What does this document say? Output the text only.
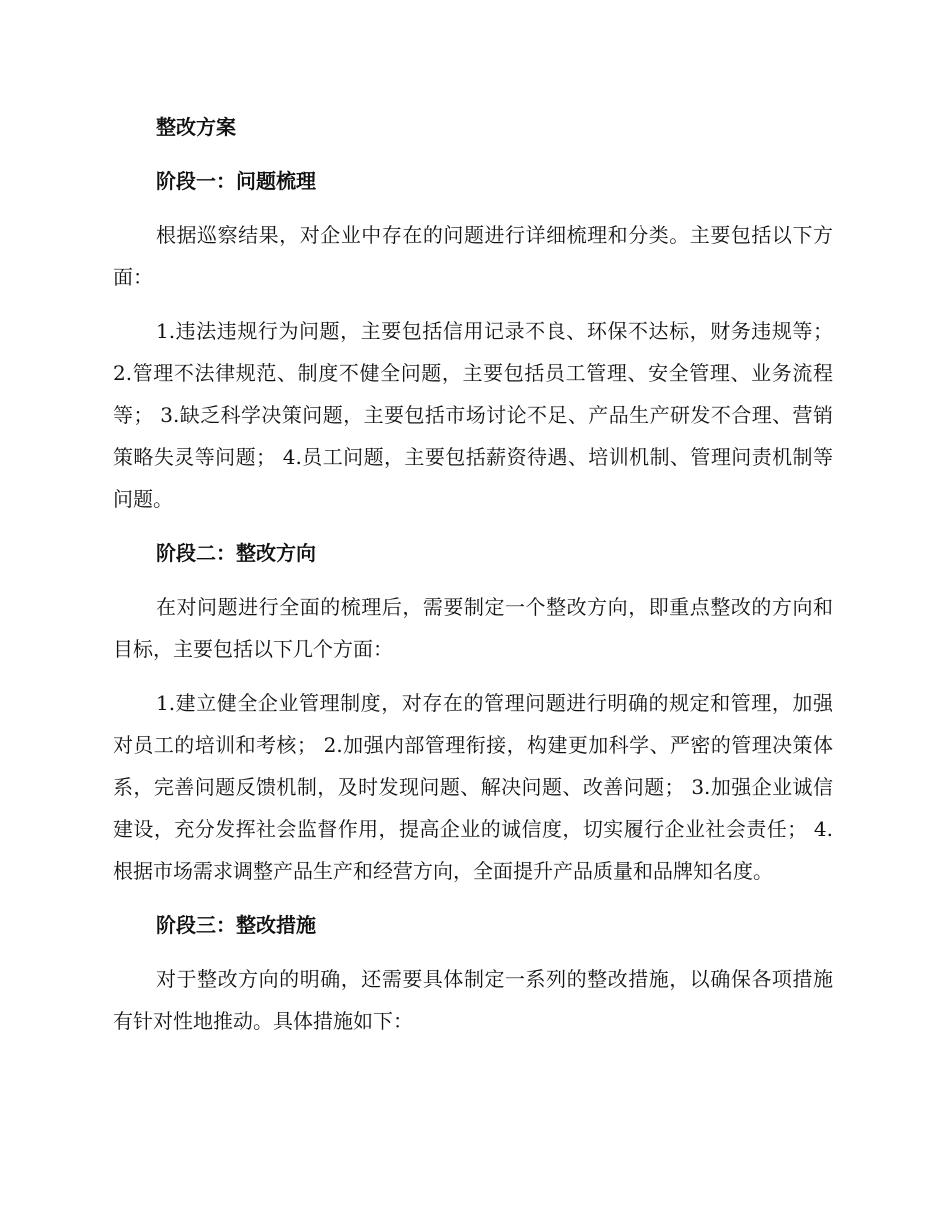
整改方案
阶段一：问题梳理

根据巡察结果，对企业中存在的问题进行详细梳理和分类。主要包括以下方面：

1.违法违规行为问题，主要包括信用记录不良、环保不达标，财务违规等； 2.管理不法律规范、制度不健全问题，主要包括员工管理、安全管理、业务流程等； 3.缺乏科学决策问题，主要包括市场讨论不足、产品生产研发不合理、营销策略失灵等问题； 4.员工问题，主要包括薪资待遇、培训机制、管理问责机制等问题。

阶段二：整改方向

在对问题进行全面的梳理后，需要制定一个整改方向，即重点整改的方向和目标，主要包括以下几个方面：

1.建立健全企业管理制度，对存在的管理问题进行明确的规定和管理，加强对员工的培训和考核； 2.加强内部管理衔接，构建更加科学、严密的管理决策体系，完善问题反馈机制，及时发现问题、解决问题、改善问题； 3.加强企业诚信建设，充分发挥社会监督作用，提高企业的诚信度，切实履行企业社会责任； 4.根据市场需求调整产品生产和经营方向，全面提升产品质量和品牌知名度。

阶段三：整改措施

对于整改方向的明确，还需要具体制定一系列的整改措施，以确保各项措施有针对性地推动。具体措施如下：
